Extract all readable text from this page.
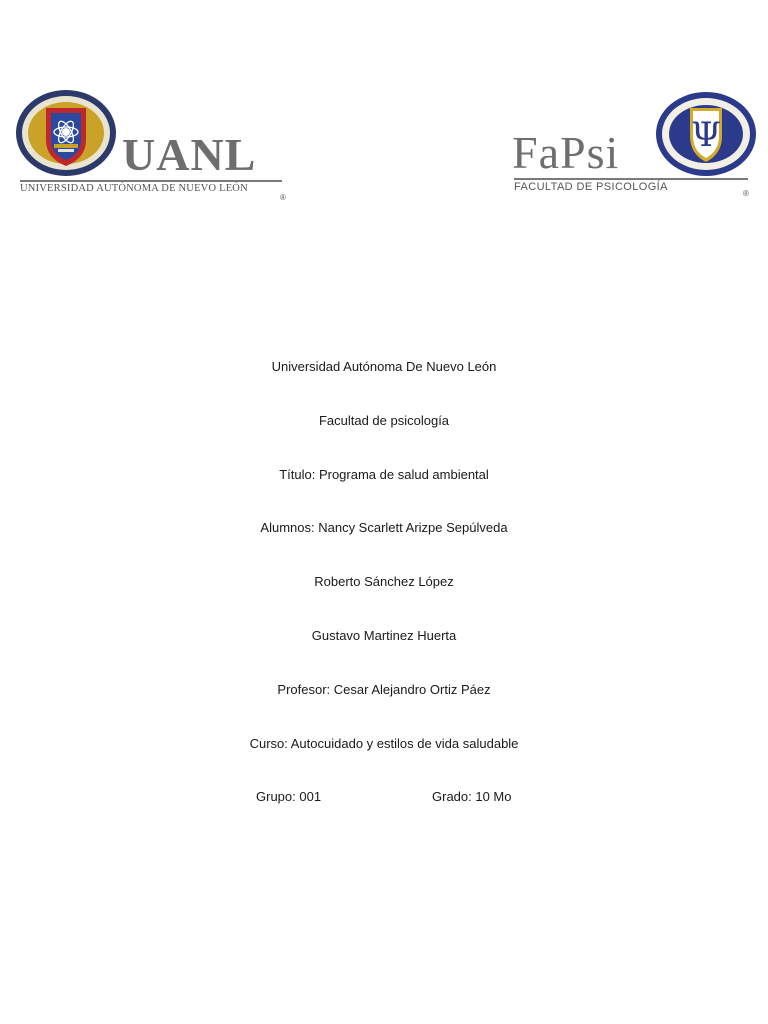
UANL
UNIVERSIDAD AUTÓNOMA DE NUEVO LEÓN
®
FaPsi Ψ
FACULTAD DE PSICOLOGÍA
®
Universidad Autónoma De Nuevo León
Facultad de psicología
Título: Programa de salud ambiental
Alumnos: Nancy Scarlett Arizpe Sepúlveda
Roberto Sánchez López
Gustavo Martinez Huerta
Profesor: Cesar Alejandro Ortiz Páez
Curso: Autocuidado y estilos de vida saludable
Grupo: 001	Grado: 10 Mo
